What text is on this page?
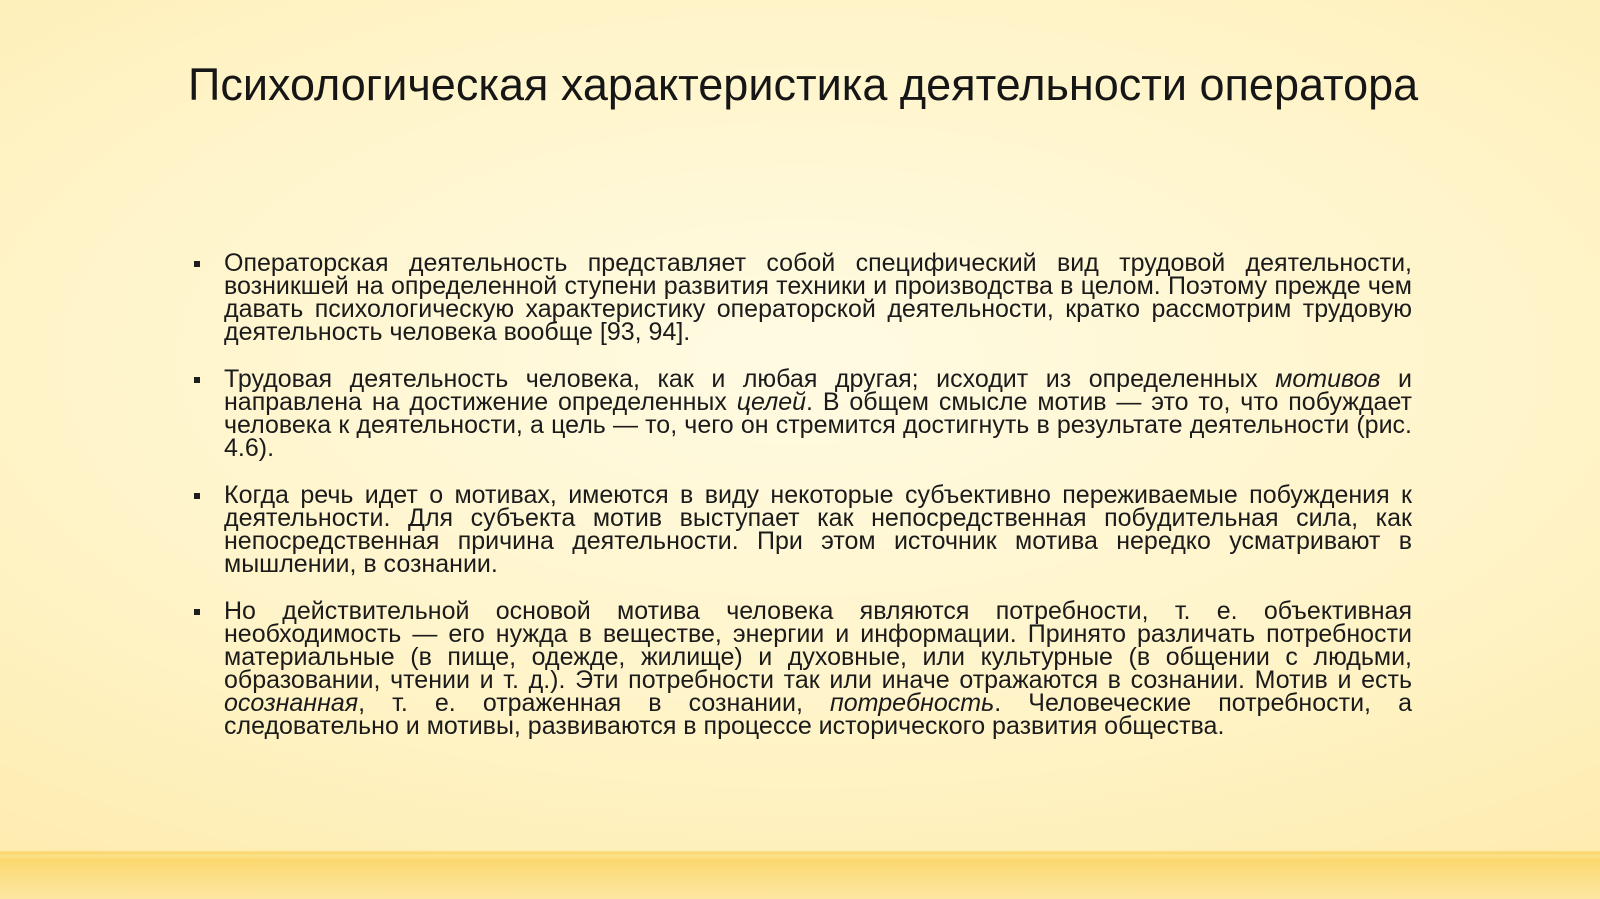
Психологическая характеристика деятельности оператора
Операторская деятельность представляет собой специфический вид трудовой деятельности, возникшей на определенной ступени развития техники и производства в целом. Поэтому прежде чем давать психологическую характеристику операторской деятельности, кратко рассмотрим трудовую деятельность человека вообще [93, 94].
Трудовая деятельность человека, как и любая другая; исходит из определенных мотивов и направлена на достижение определенных целей. В общем смысле мотив — это то, что побуждает человека к деятельности, а цель — то, чего он стремится достигнуть в результате деятельности (рис. 4.6).
Когда речь идет о мотивах, имеются в виду некоторые субъективно переживаемые побуждения к деятельности. Для субъекта мотив выступает как непосредственная побудительная сила, как непосредственная причина деятельности. При этом источник мотива нередко усматривают в мышлении, в сознании.
Но действительной основой мотива человека являются потребности, т. е. объективная необходимость — его нужда в веществе, энергии и информации. Принято различать потребности материальные (в пище, одежде, жилище) и духовные, или культурные (в общении с людьми, образовании, чтении и т. д.). Эти потребности так или иначе отражаются в сознании. Мотив и есть осознанная, т. е. отраженная в сознании, потребность. Человеческие потребности, а следовательно и мотивы, развиваются в процессе исторического развития общества.
